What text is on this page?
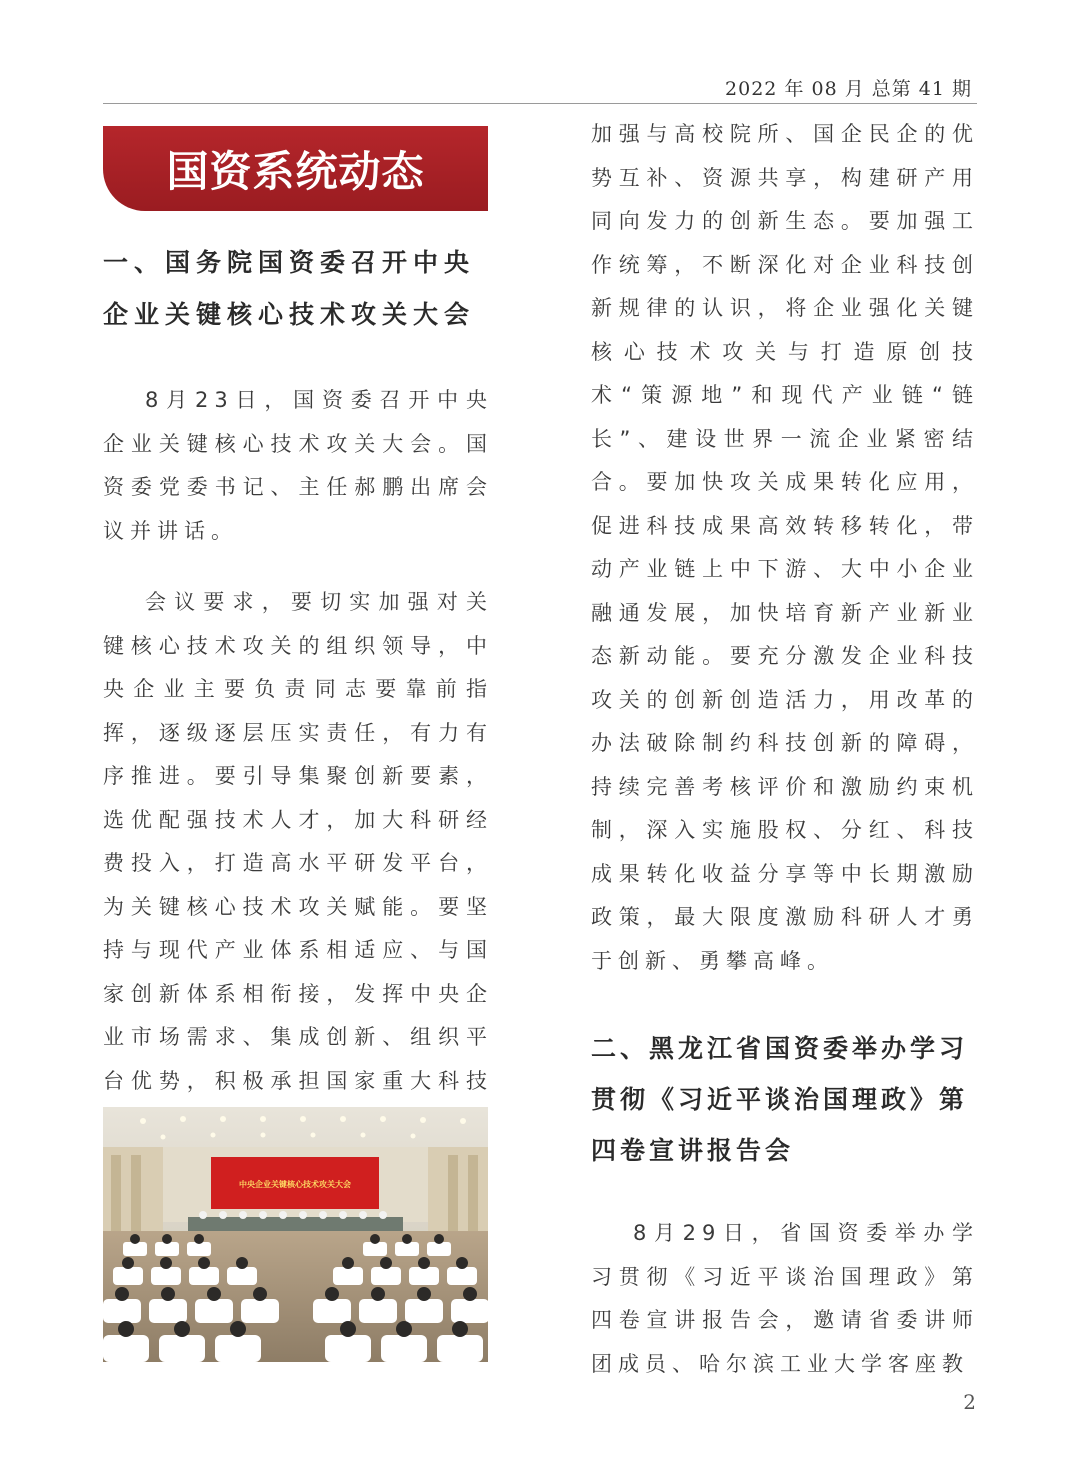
2022 年 08 月 总第 41 期
国资系统动态
一、国务院国资委召开中央企业关键核心技术攻关大会

8月23日，国资委召开中央企业关键核心技术攻关大会。国资委党委书记、主任郝鹏出席会议并讲话。

会议要求，要切实加强对关键核心技术攻关的组织领导，中央企业主要负责同志要靠前指挥，逐级逐层压实责任，有力有序推进。要引导集聚创新要素，选优配强技术人才，加大科研经费投入，打造高水平研发平台，为关键核心技术攻关赋能。要坚持与现代产业体系相适应、与国家创新体系相衔接，发挥中央企业市场需求、集成创新、组织平台优势，积极承担国家重大科技

中央企业关键核心技术攻关大会

加强与高校院所、国企民企的优势互补、资源共享，构建研产用同向发力的创新生态。要加强工作统筹，不断深化对企业科技创新规律的认识，将企业强化关键核心技术攻关与打造原创技术“策源地”和现代产业链“链长”、建设世界一流企业紧密结合。要加快攻关成果转化应用，促进科技成果高效转移转化，带动产业链上中下游、大中小企业融通发展，加快培育新产业新业态新动能。要充分激发企业科技攻关的创新创造活力，用改革的办法破除制约科技创新的障碍，持续完善考核评价和激励约束机制，深入实施股权、分红、科技成果转化收益分享等中长期激励政策，最大限度激励科研人才勇于创新、勇攀高峰。

二、黑龙江省国资委举办学习贯彻《习近平谈治国理政》第四卷宣讲报告会

8月29日，省国资委举办学习贯彻《习近平谈治国理政》第四卷宣讲报告会，邀请省委讲师团成员、哈尔滨工业大学客座教

2
